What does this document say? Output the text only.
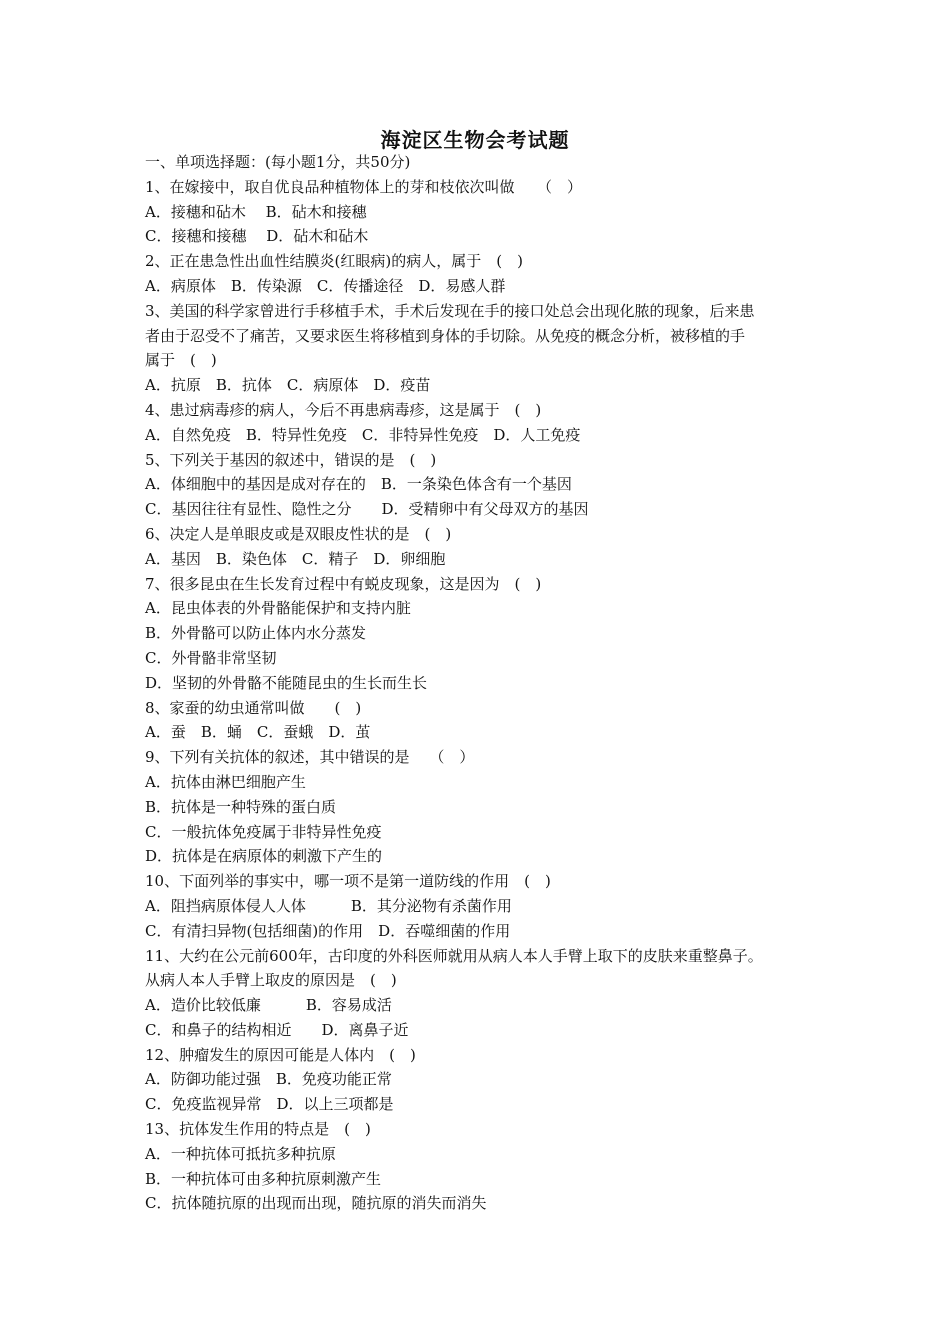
海淀区生物会考试题
一、单项选择题：(每小题1分，共50分)
1、在嫁接中，取自优良品种植物体上的芽和枝依次叫做　　（　）
A．接穗和砧木　 B．砧木和接穗
C．接穗和接穗　 D．砧木和砧木
2、正在患急性出血性结膜炎(红眼病)的病人，属于　(　)
A．病原体　B．传染源　C．传播途径　D．易感人群
3、美国的科学家曾进行手移植手术，手术后发现在手的接口处总会出现化脓的现象，后来患
者由于忍受不了痛苦，又要求医生将移植到身体的手切除。从免疫的概念分析，被移植的手
属于　(　)
A．抗原　B．抗体　C．病原体　D．疫苗
4、患过病毒疹的病人，今后不再患病毒疹，这是属于　(　)
A．自然免疫　B．特异性免疫　C．非特异性免疫　D．人工免疫
5、下列关于基因的叙述中，错误的是　(　)
A．体细胞中的基因是成对存在的　B．一条染色体含有一个基因
C．基因往往有显性、隐性之分　　D．受精卵中有父母双方的基因
6、决定人是单眼皮或是双眼皮性状的是　(　)
A．基因　B．染色体　C．精子　D．卵细胞
7、很多昆虫在生长发育过程中有蜕皮现象，这是因为　(　)
A．昆虫体表的外骨骼能保护和支持内脏
B．外骨骼可以防止体内水分蒸发
C．外骨骼非常坚韧
D．坚韧的外骨骼不能随昆虫的生长而生长
8、家蚕的幼虫通常叫做　　(　)
A．蚕　B．蛹　C．蚕蛾　D．茧
9、下列有关抗体的叙述，其中错误的是　 （　）
A．抗体由淋巴细胞产生
B．抗体是一种特殊的蛋白质
C．一般抗体免疫属于非特异性免疫
D．抗体是在病原体的刺激下产生的
10、下面列举的事实中，哪一项不是第一道防线的作用　(　)
A．阻挡病原体侵人人体　　　B．其分泌物有杀菌作用
C．有清扫异物(包括细菌)的作用　D．吞噬细菌的作用
11、大约在公元前600年，古印度的外科医师就用从病人本人手臂上取下的皮肤来重整鼻子。
从病人本人手臂上取皮的原因是　(　)
A．造价比较低廉　　　B．容易成活
C．和鼻子的结构相近　　D．离鼻子近
12、肿瘤发生的原因可能是人体内　(　)
A．防御功能过强　B．免疫功能正常
C．免疫监视异常　D．以上三项都是
13、抗体发生作用的特点是　(　)
A．一种抗体可抵抗多种抗原
B．一种抗体可由多种抗原刺激产生
C．抗体随抗原的出现而出现，随抗原的消失而消失
